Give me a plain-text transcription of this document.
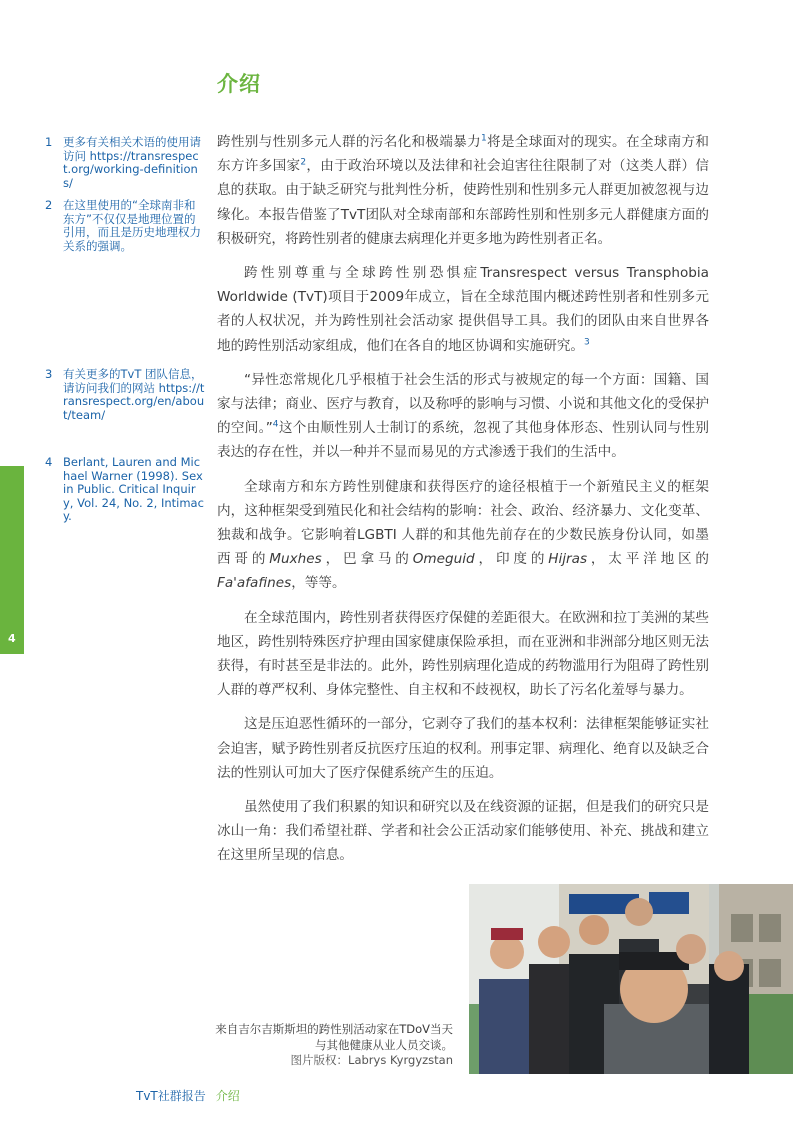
介绍
1 更多有关相关术语的使用请访问 https://transrespect.org/working-definitions/
2 在这里使用的“全球南非和东方”不仅仅是地理位置的引用，而且是历史地理权力关系的强调。
3 有关更多的TvT 团队信息，请访问我们的网站 https://transrespect.org/en/about/team/
4 Berlant, Lauren and Michael Warner (1998). Sex in Public. Critical Inquiry, Vol. 24, No. 2, Intimacy.

跨性别与性别多元人群的污名化和极端暴力$^1$将是全球面对的现实。在全球南方和东方许多国家$^2$，由于政治环境以及法律和社会迫害往往限制了对（这类人群）信息的获取。由于缺乏研究与批判性分析，使跨性别和性别多元人群更加被忽视与边缘化。本报告借鉴了TvT团队对全球南部和东部跨性别和性别多元人群健康方面的积极研究，将跨性别者的健康去病理化并更多地为跨性别者正名。

跨性别尊重与全球跨性别恐惧症Transrespect versus Transphobia Worldwide (TvT)项目于2009年成立，旨在全球范围内概述跨性别者和性别多元者的人权状况，并为跨性别社会活动家 提供倡导工具。我们的团队由来自世界各地的跨性别活动家组成，他们在各自的地区协调和实施研究。$^3$

“异性恋常规化几乎根植于社会生活的形式与被规定的每一个方面：国籍、国家与法律；商业、医疗与教育，以及称呼的影响与习惯、小说和其他文化的受保护的空间。”$^4$这个由顺性别人士制订的系统，忽视了其他身体形态、性别认同与性别表达的存在性，并以一种并不显而易见的方式渗透于我们的生活中。

全球南方和东方跨性别健康和获得医疗的途径根植于一个新殖民主义的框架内，这种框架受到殖民化和社会结构的影响：社会、政治、经济暴力、文化变革、独裁和战争。它影响着LGBTI 人群的和其他先前存在的少数民族身份认同，如墨西哥的Muxhes，巴拿马的Omeguid，印度的Hijras，太平洋地区的Fa'afafines，等等。

在全球范围内，跨性别者获得医疗保健的差距很大。在欧洲和拉丁美洲的某些地区，跨性别特殊医疗护理由国家健康保险承担，而在亚洲和非洲部分地区则无法获得，有时甚至是非法的。此外，跨性别病理化造成的药物滥用行为阻碍了跨性别人群的尊严权利、身体完整性、自主权和不歧视权，助长了污名化羞辱与暴力。

这是压迫恶性循环的一部分，它剥夺了我们的基本权利：法律框架能够证实社会迫害，赋予跨性别者反抗医疗压迫的权利。刑事定罪、病理化、绝育以及缺乏合法的性别认可加大了医疗保健系统产生的压迫。

虽然使用了我们积累的知识和研究以及在线资源的证据，但是我们的研究只是冰山一角：我们希望社群、学者和社会公正活动家们能够使用、补充、挑战和建立在这里所呈现的信息。

4
来自吉尔吉斯斯坦的跨性别活动家在TDoV当天与其他健康从业人员交谈。
图片版权：Labrys Kyrgyzstan
TvT社群报告 介绍
